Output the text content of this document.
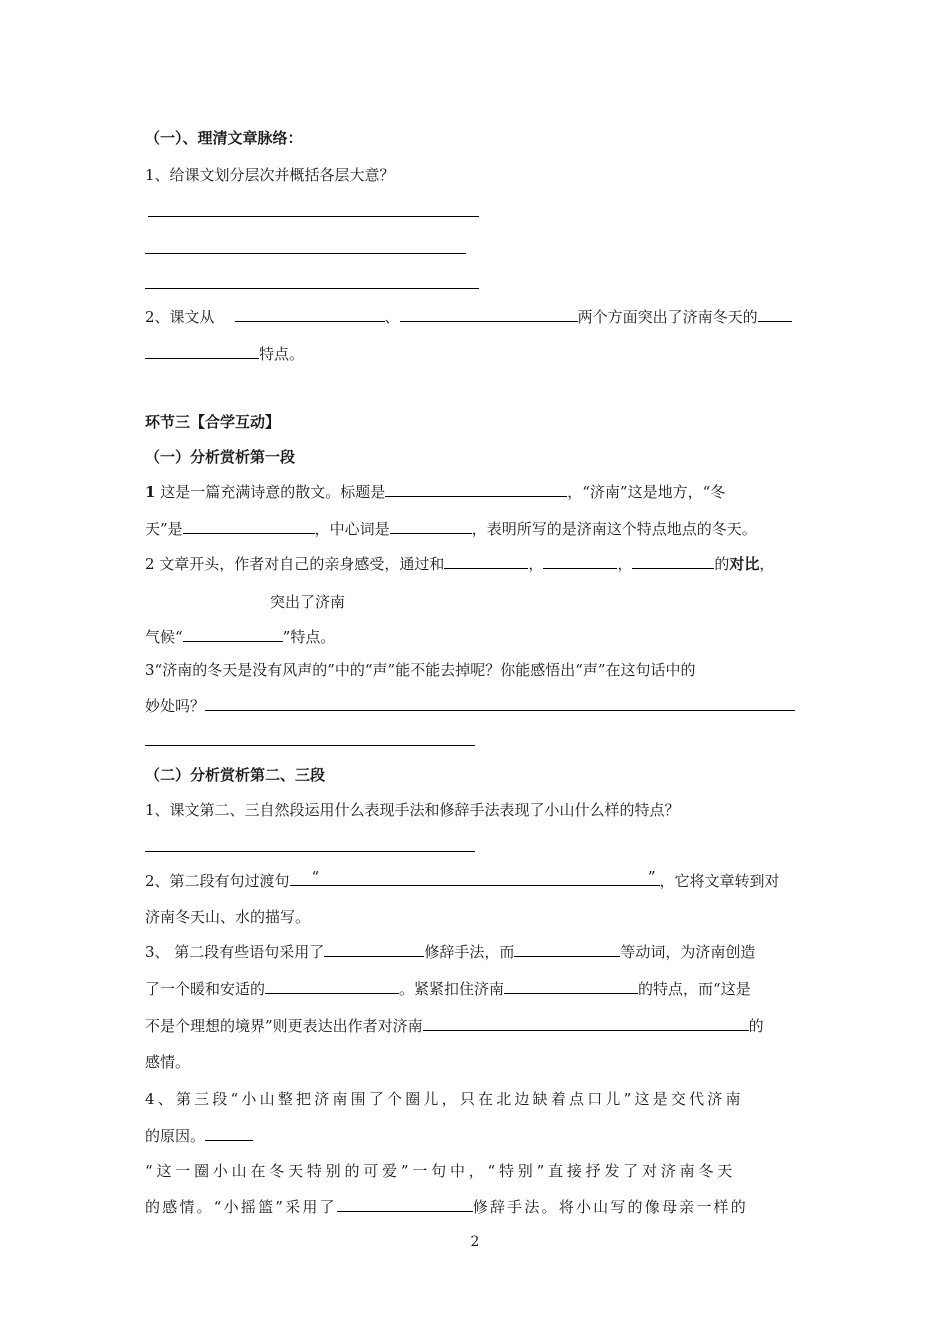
（一）、理清文章脉络：
1、给课文划分层次并概括各层大意？
2、课文从	、	两个方面突出了济南冬天的
特点。
环节三【合学互动】
（一）分析赏析第一段
1 这是一篇充满诗意的散文。标题是	，“济南”这是地方，“冬
天”是	，中心词是	，表明所写的是济南这个特点地点的冬天。
2 文章开头，作者对自己的亲身感受，通过和	，	，	的对比，
突出了济南
气候“	”特点。
3“济南的冬天是没有风声的”中的“声”能不能去掉呢？你能感悟出“声”在这句话中的
妙处吗？
（二）分析赏析第二、三段
1、课文第二、三自然段运用什么表现手法和修辞手法表现了小山什么样的特点？
2、第二段有句过渡句 “	” ，它将文章转到对
济南冬天山、水的描写。
3、 第二段有些语句采用了	修辞手法，而	等动词，为济南创造
了一个暖和安适的	。紧紧扣住济南	的特点，而“这是
不是个理想的境界”则更表达出作者对济南	的
感情。
4、第三段“小山整把济南围了个圈儿，只在北边缺着点口儿”这是交代济南
的原因。
“这一圈小山在冬天特别的可爱”一句中，“特别”直接抒发了对济南冬天
的感情。“小摇篮”采用了	修辞手法。将小山写的像母亲一样的
2
